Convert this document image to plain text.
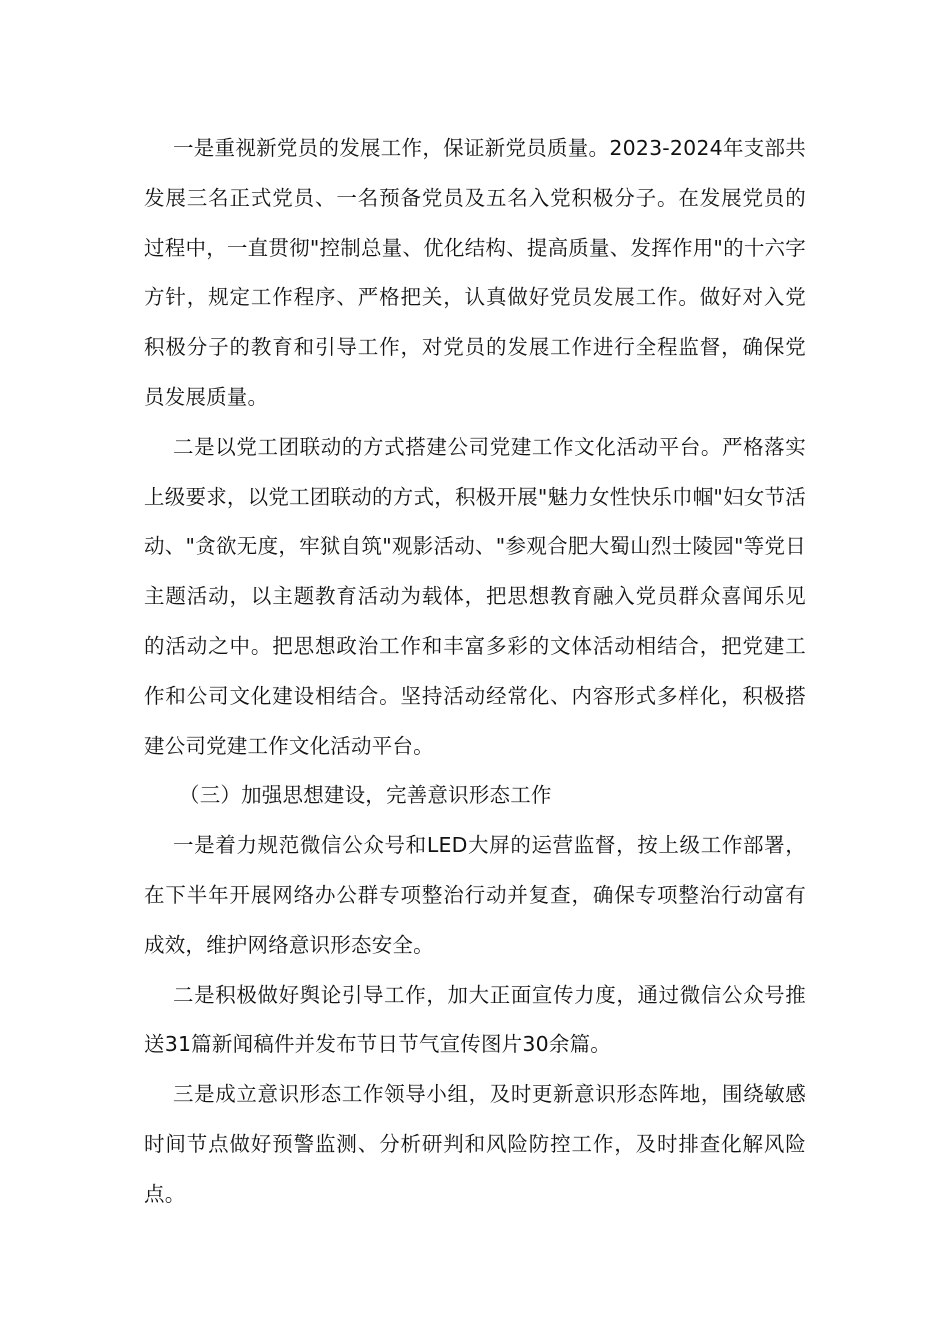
一是重视新党员的发展工作，保证新党员质量。2023-2024年支部共发展三名正式党员、一名预备党员及五名入党积极分子。在发展党员的过程中，一直贯彻"控制总量、优化结构、提高质量、发挥作用"的十六字方针，规定工作程序、严格把关，认真做好党员发展工作。做好对入党积极分子的教育和引导工作，对党员的发展工作进行全程监督，确保党员发展质量。

二是以党工团联动的方式搭建公司党建工作文化活动平台。严格落实上级要求，以党工团联动的方式，积极开展"魅力女性快乐巾帼"妇女节活动、"贪欲无度，牢狱自筑"观影活动、"参观合肥大蜀山烈士陵园"等党日主题活动，以主题教育活动为载体，把思想教育融入党员群众喜闻乐见的活动之中。把思想政治工作和丰富多彩的文体活动相结合，把党建工作和公司文化建设相结合。坚持活动经常化、内容形式多样化，积极搭建公司党建工作文化活动平台。

（三）加强思想建设，完善意识形态工作

一是着力规范微信公众号和LED大屏的运营监督，按上级工作部署，在下半年开展网络办公群专项整治行动并复查，确保专项整治行动富有成效，维护网络意识形态安全。

二是积极做好舆论引导工作，加大正面宣传力度，通过微信公众号推送31篇新闻稿件并发布节日节气宣传图片30余篇。

三是成立意识形态工作领导小组，及时更新意识形态阵地，围绕敏感时间节点做好预警监测、分析研判和风险防控工作，及时排查化解风险点。
